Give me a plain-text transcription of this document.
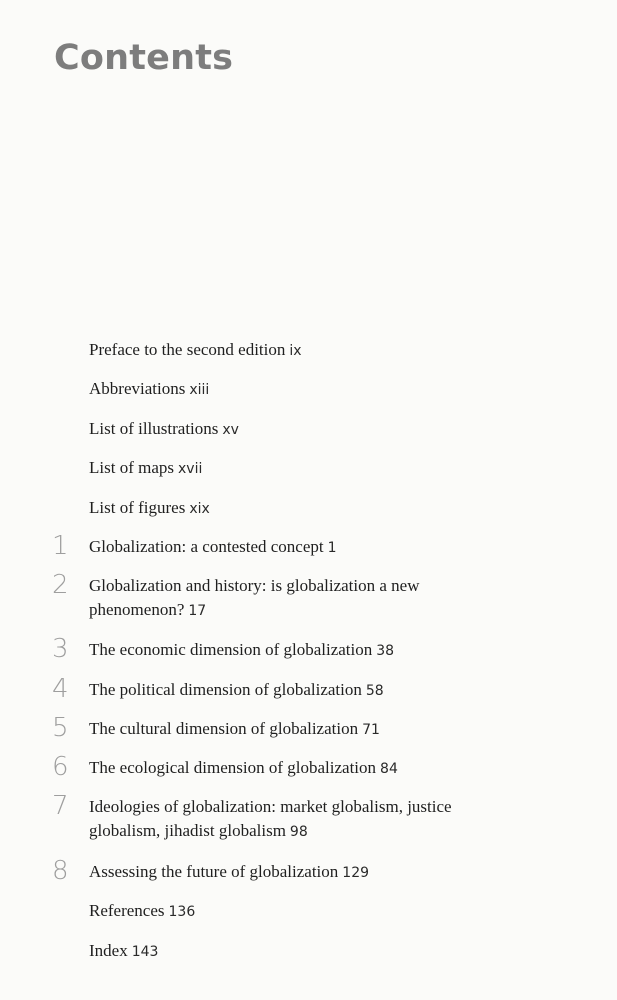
Contents
Preface to the second edition ix
Abbreviations xiii
List of illustrations xv
List of maps xvii
List of figures xix
1	Globalization: a contested concept 1
2	Globalization and history: is globalization a new
phenomenon? 17
3	The economic dimension of globalization 38
4	The political dimension of globalization 58
5	The cultural dimension of globalization 71
6	The ecological dimension of globalization 84
7	Ideologies of globalization: market globalism, justice
globalism, jihadist globalism 98
8	Assessing the future of globalization 129
References 136
Index 143
